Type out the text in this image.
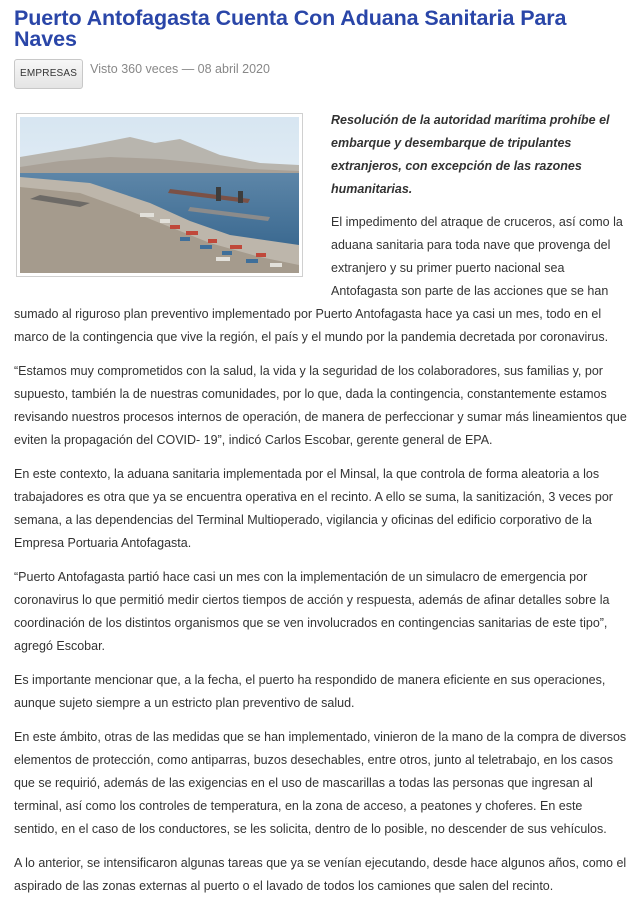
Puerto Antofagasta Cuenta Con Aduana Sanitaria Para Naves
EMPRESAS	Visto 360 veces — 08 abril 2020

Resolución de la autoridad marítima prohíbe el embarque y desembarque de tripulantes extranjeros, con excepción de las razones humanitarias.

El impedimento del atraque de cruceros, así como la aduana sanitaria para toda nave que provenga del extranjero y su primer puerto nacional sea Antofagasta son parte de las acciones que se han sumado al riguroso plan preventivo implementado por Puerto Antofagasta hace ya casi un mes, todo en el marco de la contingencia que vive la región, el país y el mundo por la pandemia decretada por coronavirus.

“Estamos muy comprometidos con la salud, la vida y la seguridad de los colaboradores, sus familias y, por supuesto, también la de nuestras comunidades, por lo que, dada la contingencia, constantemente estamos revisando nuestros procesos internos de operación, de manera de perfeccionar y sumar más lineamientos que eviten la propagación del COVID- 19”, indicó Carlos Escobar, gerente general de EPA.

En este contexto, la aduana sanitaria implementada por el Minsal, la que controla de forma aleatoria a los trabajadores es otra que ya se encuentra operativa en el recinto. A ello se suma, la sanitización, 3 veces por semana, a las dependencias del Terminal Multioperado, vigilancia y oficinas del edificio corporativo de la Empresa Portuaria Antofagasta.

“Puerto Antofagasta partió hace casi un mes con la implementación de un simulacro de emergencia por coronavirus lo que permitió medir ciertos tiempos de acción y respuesta, además de afinar detalles sobre la coordinación de los distintos organismos que se ven involucrados en contingencias sanitarias de este tipo”, agregó Escobar.

Es importante mencionar que, a la fecha, el puerto ha respondido de manera eficiente en sus operaciones, aunque sujeto siempre a un estricto plan preventivo de salud.

En este ámbito, otras de las medidas que se han implementado, vinieron de la mano de la compra de diversos elementos de protección, como antiparras, buzos desechables, entre otros, junto al teletrabajo, en los casos que se requirió, además de las exigencias en el uso de mascarillas a todas las personas que ingresan al terminal, así como los controles de temperatura, en la zona de acceso, a peatones y choferes. En este sentido, en el caso de los conductores, se les solicita, dentro de lo posible, no descender de sus vehículos.

A lo anterior, se intensificaron algunas tareas que ya se venían ejecutando, desde hace algunos años, como el aspirado de las zonas externas al puerto o el lavado de todos los camiones que salen del recinto.
